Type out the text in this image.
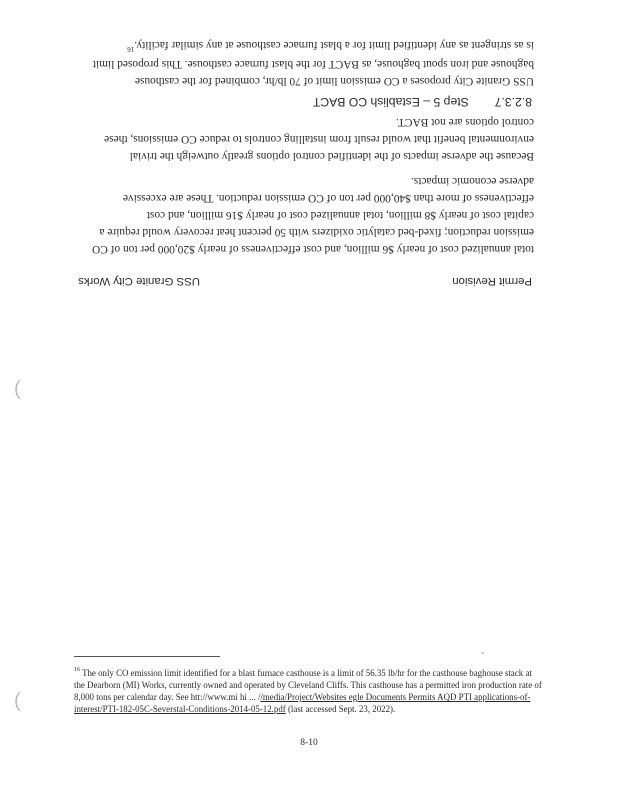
Permit Revision
USS Granite City Works
total annualized cost of nearly $6 million, and cost effectiveness of nearly $20,000 per ton of CO
emission reduction; fixed-bed catalytic oxidizers with 50 percent heat recovery would require a
capital cost of nearly $8 million, total annualized cost of nearly $16 million, and cost
effectiveness of more than $40,000 per ton of CO emission reduction. These are excessive
adverse economic impacts.
Because the adverse impacts of the identified control options greatly outweigh the trivial
environmental benefit that would result from installing controls to reduce CO emissions, these
control options are not BACT.
8.2.3.7Step 5 – Establish CO BACT
USS Granite City proposes a CO emission limit of 70 lb/hr, combined for the casthouse
baghouse and iron spout baghouse, as BACT for the blast furnace casthouse. This proposed limit
is as stringent as any identified limit for a blast furnace casthouse at any similar facility.$^{16}$
(
(
-
$^{16}$ The only CO emission limit identified for a blast furnace casthouse is a limit of 56.35 lb/hr for the casthouse baghouse stack at the Dearborn (MI) Works, currently owned and operated by Cleveland Cliffs. This casthouse has a permitted iron production rate of 8,000 tons per calendar day. See htt://www.mi hi ... //media/Project/Websites egle Documents Permits AQD PTI applications-of-interest/PTI-182-05C-Severstal-Conditions-2014-05-12.pdf (last accessed Sept. 23, 2022).
8-10
